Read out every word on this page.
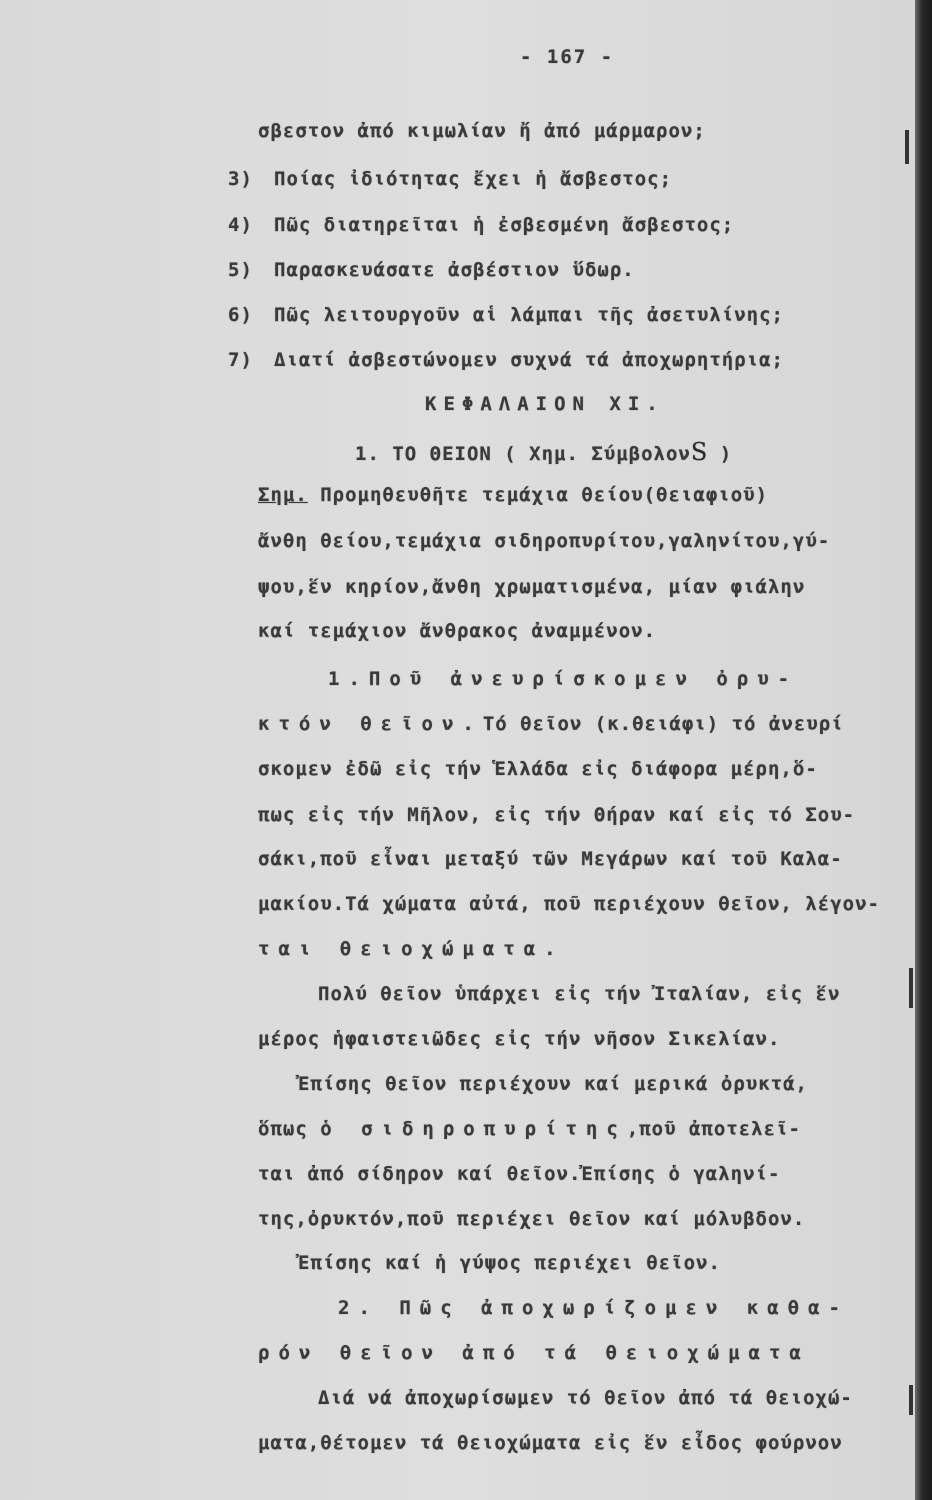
- 167 -
σβεστον ἀπό κιμωλίαν ἤ ἀπό μάρμαρον;
3) Ποίας ἰδιότητας ἔχει ἡ ἄσβεστος;
4) Πῶς διατηρεῖται ἡ ἐσβεσμένη ἄσβεστος;
5) Παρασκευάσατε ἀσβέστιον ὕδωρ.
6) Πῶς λειτουργοῦν αἱ λάμπαι τῆς ἀσετυλίνης;
7) Διατί ἀσβεστώνομεν συχνά τά ἀποχωρητήρια;
ΚΕΦΑΛΑΙΟΝ ΧΙ.
1. ΤΟ ΘΕΙΟΝ ( Χημ. ΣύμβολονS )
Σημ. Προμηθευθῆτε τεμάχια θείου(θειαφιοῦ)
ἄνθη θείου,τεμάχια σιδηροπυρίτου,γαληνίτου,γύ-
ψου,ἕν κηρίον,ἄνθη χρωματισμένα, μίαν φιάλην
καί τεμάχιον ἄνθρακος ἀναμμένον.
1.Ποῦ ἀνευρίσκομεν ὀρυ-
κτόν θεῖον.Τό θεῖον (κ.θειάφι) τό ἀνευρί
σκομεν ἐδῶ εἰς τήν Ἑλλάδα εἰς διάφορα μέρη,ὅ-
πως εἰς τήν Μῆλον, εἰς τήν Θήραν καί εἰς τό Σου-
σάκι,ποῦ εἶναι μεταξύ τῶν Μεγάρων καί τοῦ Καλα-
μακίου.Τά χώματα αὐτά, ποῦ περιέχουν θεῖον, λέγον-
ται θειοχώματα.
Πολύ θεῖον ὑπάρχει εἰς τήν Ἰταλίαν, εἰς ἕν
μέρος ἡφαιστειῶδες εἰς τήν νῆσον Σικελίαν.
Ἐπίσης θεῖον περιέχουν καί μερικά ὀρυκτά,
ὅπως ὁ σιδηροπυρίτης,ποῦ ἀποτελεῖ-
ται ἀπό σίδηρον καί θεῖον.Ἐπίσης ὁ γαληνί-
της,ὀρυκτόν,ποῦ περιέχει θεῖον καί μόλυβδον.
Ἐπίσης καί ἡ γύψος περιέχει θεῖον.
2. Πῶς ἀποχωρίζομεν καθα-
ρόν θεῖον ἀπό τά θειοχώματα
Διά νά ἀποχωρίσωμεν τό θεῖον ἀπό τά θειοχώ-
ματα,θέτομεν τά θειοχώματα εἰς ἕν εἶδος φούρνον
